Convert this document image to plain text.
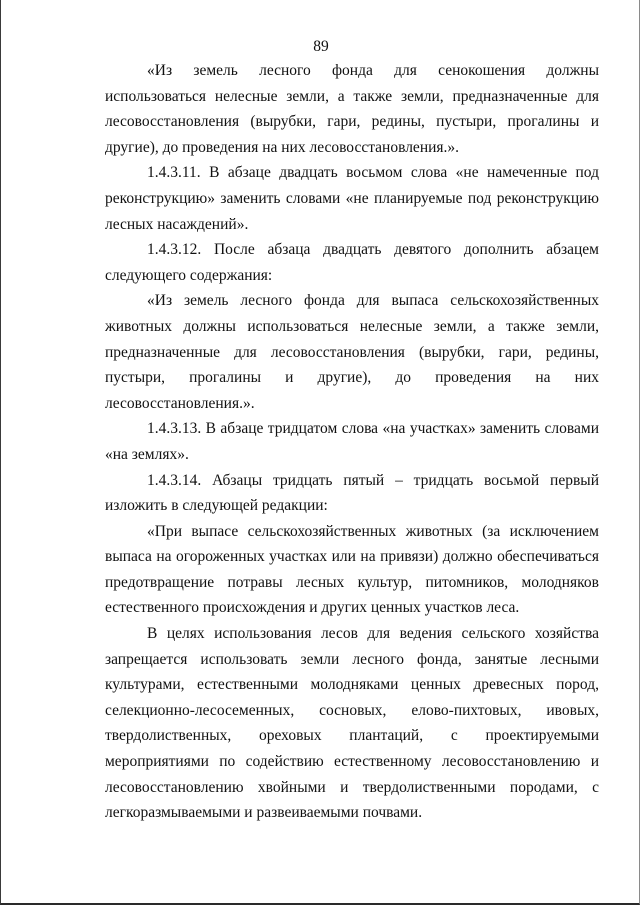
89

«Из земель лесного фонда для сенокошения должны использоваться нелесные земли, а также земли, предназначенные для лесовосстановления (вырубки, гари, редины, пустыри, прогалины и другие), до проведения на них лесовосстановления.».

1.4.3.11. В абзаце двадцать восьмом слова «не намеченные под реконструкцию» заменить словами «не планируемые под реконструкцию лесных насаждений».

1.4.3.12. После абзаца двадцать девятого дополнить абзацем следующего содержания:

«Из земель лесного фонда для выпаса сельскохозяйственных животных должны использоваться нелесные земли, а также земли, предназначенные для лесовосстановления (вырубки, гари, редины, пустыри, прогалины и другие), до проведения на них лесовосстановления.».

1.4.3.13. В абзаце тридцатом слова «на участках» заменить словами «на землях».

1.4.3.14. Абзацы тридцать пятый – тридцать восьмой первый изложить в следующей редакции:

«При выпасе сельскохозяйственных животных (за исключением выпаса на огороженных участках или на привязи) должно обеспечиваться предотвращение потравы лесных культур, питомников, молодняков естественного происхождения и других ценных участков леса.

В целях использования лесов для ведения сельского хозяйства запрещается использовать земли лесного фонда, занятые лесными культурами, естественными молодняками ценных древесных пород, селекционно-лесосеменных, сосновых, елово-пихтовых, ивовых, твердолиственных, ореховых плантаций, с проектируемыми мероприятиями по содействию естественному лесовосстановлению и лесовосстановлению хвойными и твердолиственными породами, с легкоразмываемыми и развеиваемыми почвами.
